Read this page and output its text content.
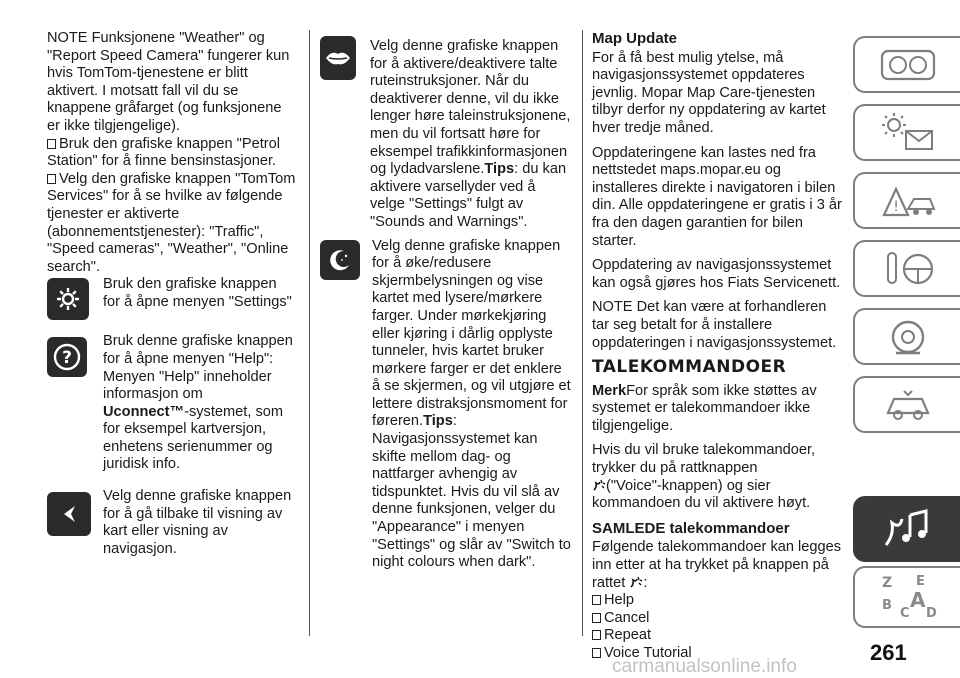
NOTE Funksjonene "Weather" og "Report Speed Camera" fungerer kun hvis TomTom-tjenestene er blitt aktivert. I motsatt fall vil du se knappene gråfarget (og funksjonene er ikke tilgjengelige).

Bruk den grafiske knappen "Petrol Station" for å finne bensinstasjoner.
Velg den grafiske knappen "TomTom Services" for å se hvilke av følgende tjenester er aktiverte (abonnementstjenester): "Traffic", "Speed cameras", "Weather", "Online search".
Bruk den grafiske knappen for å åpne menyen "Settings"
?
Bruk denne grafiske knappen for å åpne menyen "Help": Menyen "Help" inneholder informasjon om
Uconnect™-systemet, som for eksempel kartversjon, enhetens serienummer og juridisk info.
Velg denne grafiske knappen for å gå tilbake til visning av kart eller visning av navigasjon.
Velg denne grafiske knappen for å aktivere/deaktivere talte ruteinstruksjoner. Når du deaktiverer denne, vil du ikke lenger høre taleinstruksjonene, men du vil fortsatt høre for eksempel trafikkinformasjonen og lydadvarslene.Tips: du kan aktivere varsellyder ved å velge "Settings" fulgt av "Sounds and Warnings".
Velg denne grafiske knappen for å øke/redusere skjermbelysningen og vise kartet med lysere/mørkere farger. Under mørkekjøring eller kjøring i dårlig opplyste tunneler, hvis kartet bruker mørkere farger er det enklere å se skjermen, og vil utgjøre et lettere distraksjonsmoment for føreren.Tips: Navigasjonssystemet kan skifte mellom dag- og nattfarger avhengig av tidspunktet. Hvis du vil slå av denne funksjonen, velger du "Appearance" i menyen "Settings" og slår av "Switch to night colours when dark".
Map Update

For å få best mulig ytelse, må navigasjonssystemet oppdateres jevnlig. Mopar Map Care-tjenesten tilbyr derfor ny oppdatering av kartet hver tredje måned.

Oppdateringene kan lastes ned fra nettstedet maps.mopar.eu og installeres direkte i navigatoren i bilen din. Alle oppdateringene er gratis i 3 år fra den dagen garantien for bilen starter.

Oppdatering av navigasjonssystemet kan også gjøres hos Fiats Servicenett.

NOTE Det kan være at forhandleren tar seg betalt for å installere oppdateringen i navigasjonssystemet.

TALEKOMMANDOER

MerkFor språk som ikke støttes av systemet er talekommandoer ikke tilgjengelige.

Hvis du vil bruke talekommandoer, trykker du på rattknappen
("Voice"-knappen) og sier kommandoen du vil aktivere høyt.

SAMLEDE talekommandoer
Følgende talekommandoer kan legges inn etter at ha trykket på knappen på rattet :
Help
Cancel
Repeat
Voice Tutorial
!
Z E
B
C
A
D
261
carmanualsonline.info
